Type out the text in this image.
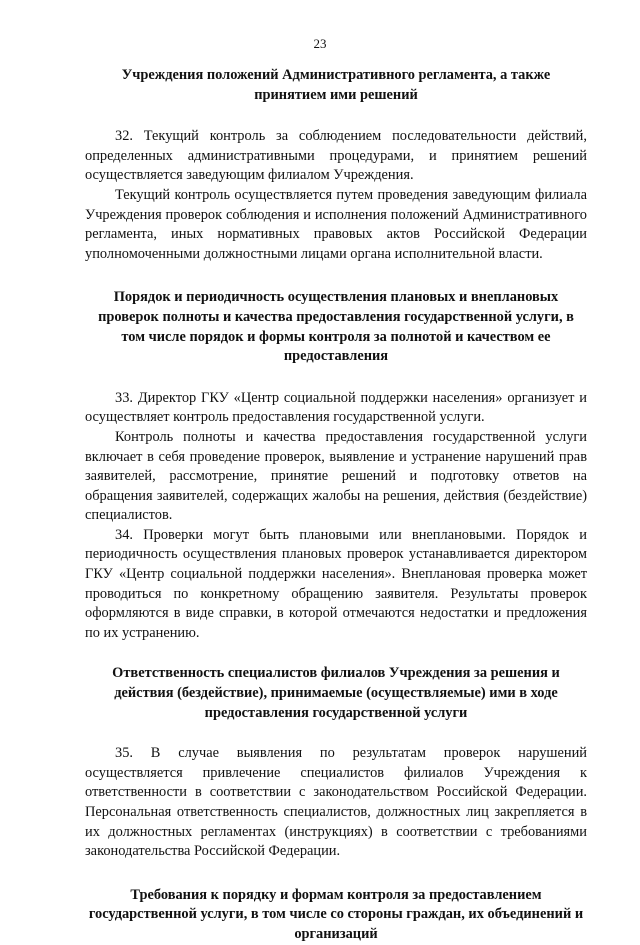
23

Учреждения положений Административного регламента, а также принятием ими решений

32. Текущий контроль за соблюдением последовательности действий, определенных административными процедурами, и принятием решений осуществляется заведующим филиалом Учреждения.

Текущий контроль осуществляется путем проведения заведующим филиала Учреждения проверок соблюдения и исполнения положений Административного регламента, иных нормативных правовых актов Российской Федерации уполномоченными должностными лицами органа исполнительной власти.

Порядок и периодичность осуществления плановых и внеплановых проверок полноты и качества предоставления государственной услуги, в том числе порядок и формы контроля за полнотой и качеством ее предоставления

33. Директор ГКУ «Центр социальной поддержки населения» организует и осуществляет контроль предоставления государственной услуги.

Контроль полноты и качества предоставления государственной услуги включает в себя проведение проверок, выявление и устранение нарушений прав заявителей, рассмотрение, принятие решений и подготовку ответов на обращения заявителей, содержащих жалобы на решения, действия (бездействие) специалистов.

34. Проверки могут быть плановыми или внеплановыми. Порядок и периодичность осуществления плановых проверок устанавливается директором ГКУ «Центр социальной поддержки населения». Внеплановая проверка может проводиться по конкретному обращению заявителя. Результаты проверок оформляются в виде справки, в которой отмечаются недостатки и предложения по их устранению.

Ответственность специалистов филиалов Учреждения за решения и действия (бездействие), принимаемые (осуществляемые) ими в ходе предоставления государственной услуги

35. В случае выявления по результатам проверок нарушений осуществляется привлечение специалистов филиалов Учреждения к ответственности в соответствии с законодательством Российской Федерации. Персональная ответственность специалистов, должностных лиц закрепляется в их должностных регламентах (инструкциях) в соответствии с требованиями законодательства Российской Федерации.

Требования к порядку и формам контроля за предоставлением государственной услуги, в том числе со стороны граждан, их объединений и организаций
